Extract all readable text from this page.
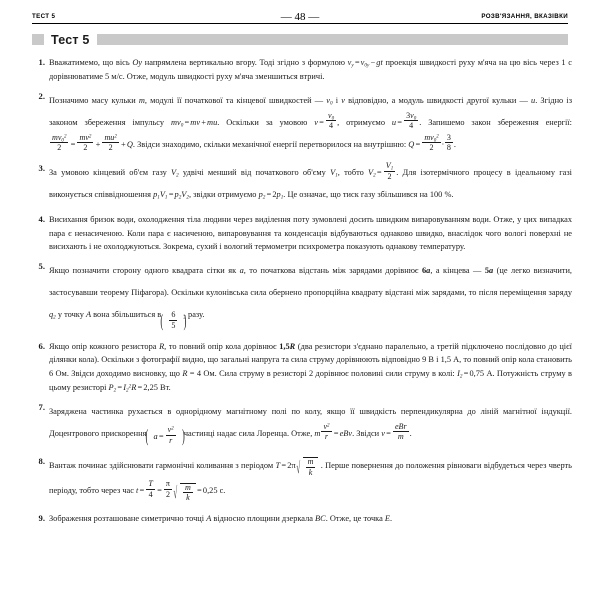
ТЕСТ 5	— 48 —	РОЗВ'ЯЗАННЯ, ВКАЗІВКИ
Тест 5
1. Вважатимемо, що вісь Oy напрямлена вертикально вгору. Тоді згідно з формулою $v_y$ = $v_{0y}$ − gt проекція швидкості руху м'яча на цю вісь через 1 с дорівнюватиме 5 м/с. Отже, модуль швидкості руху м'яча зменшиться втричі.
2. Позначимо масу кульки m, модулі її початкової та кінцевої швидкостей — $v_0$ і v відповідно, а модуль швидкості другої кульки — u. Згідно із законом збереження імпульсу $mv_0$ = mv + mu. Оскільки за умовою v =  $\frac{v_0}{4}$ , отримуємо u =  $\frac{3v_0}{4}$ . Запишемо закон збереження енергії:
$\frac{mv_0^2}{2}$  =  $\frac{mv^2}{2}$  +  $\frac{mu^2}{2}$  + Q. Звідси знаходимо, скільки механічної енергії перетворилося на внутрішню: Q =  $\frac{mv_0^2}{2} \cdot \frac{3}{8}$ .
3. За умовою кінцевий об'єм газу $V_2$ удвічі менший від початкового об'єму $V_1$, тобто $V_2$ =  $\frac{V_1}{2}$ . Для ізотермічного процесу в ідеальному газі виконується співвідношення $p_1V_1$ = $p_2V_2$, звідки отримуємо $p_2$ = $2p_1$. Це означає, що тиск газу збільшився на 100 %.
4. Висихання бризок води, охолодження тіла людини через виділення поту зумовлені досить швидким випаровуванням води. Отже, у цих випадках пара є ненасиченою. Коли пара є насиченою, випаровування та конденсація відбуваються однаково швидко, внаслідок чого вологі поверхні не висихають і не охолоджуються. Зокрема, сухий і вологий термометри психрометра показують однакову температуру.
5. Якщо позначити сторону одного квадрата сітки як a, то початкова відстань між зарядами дорівнює 6a, а кінцева — 5a (це легко визначити, застосувавши теорему Піфагора). Оскільки кулонівська сила обернено пропорційна квадрату відстані між зарядами, то після переміщення заряду $q_2$ у точку A вона збільшиться в ( $\frac{6}{5}$
) $^2$ разу.
6. Якщо опір кожного резистора R, то повний опір кола дорівнює 1,5R (два резистори з'єднано паралельно, а третій підключено послідовно до цієї ділянки кола). Оскільки з фотографії видно, що загальні напруга та сила струму дорівнюють відповідно 9 В і 1,5 А, то повний опір кола становить 6 Ом. Звідси доходимо висновку, що R = 4 Ом. Сила струму в резисторі 2 дорівнює половині сили струму в колі: $I_2$ = 0,75 А. Потужність струму в цьому резисторі $P_2$ = $I_2^2R$ = 2,25 Вт.
7. Заряджена частинка рухається в однорідному магнітному полі по колу, якщо її швидкість перпендикулярна до ліній магнітної індукції. Доцентрового прискорення ( a =  $\frac{v^2}{r}$
) частинці надає сила Лоренца. Отже, m $\frac{v^2}{r}$  = eBv. Звідси v =  $\frac{\text{eBr}}{m}$ .
8. Вантаж починає здійснювати гармонічні коливання з періодом T = 2π √ $\frac{m}{k}$ . Перше повернення до положення рівноваги відбудеться через чверть періоду, тобто через час t =  $\frac{T}{4}$  =  $\frac{\pi}{2}$ √ $\frac{m}{k}$  = 0,25 с.
9. Зображення розташоване симетрично точці A відносно площини дзеркала BC. Отже, це точка E.
